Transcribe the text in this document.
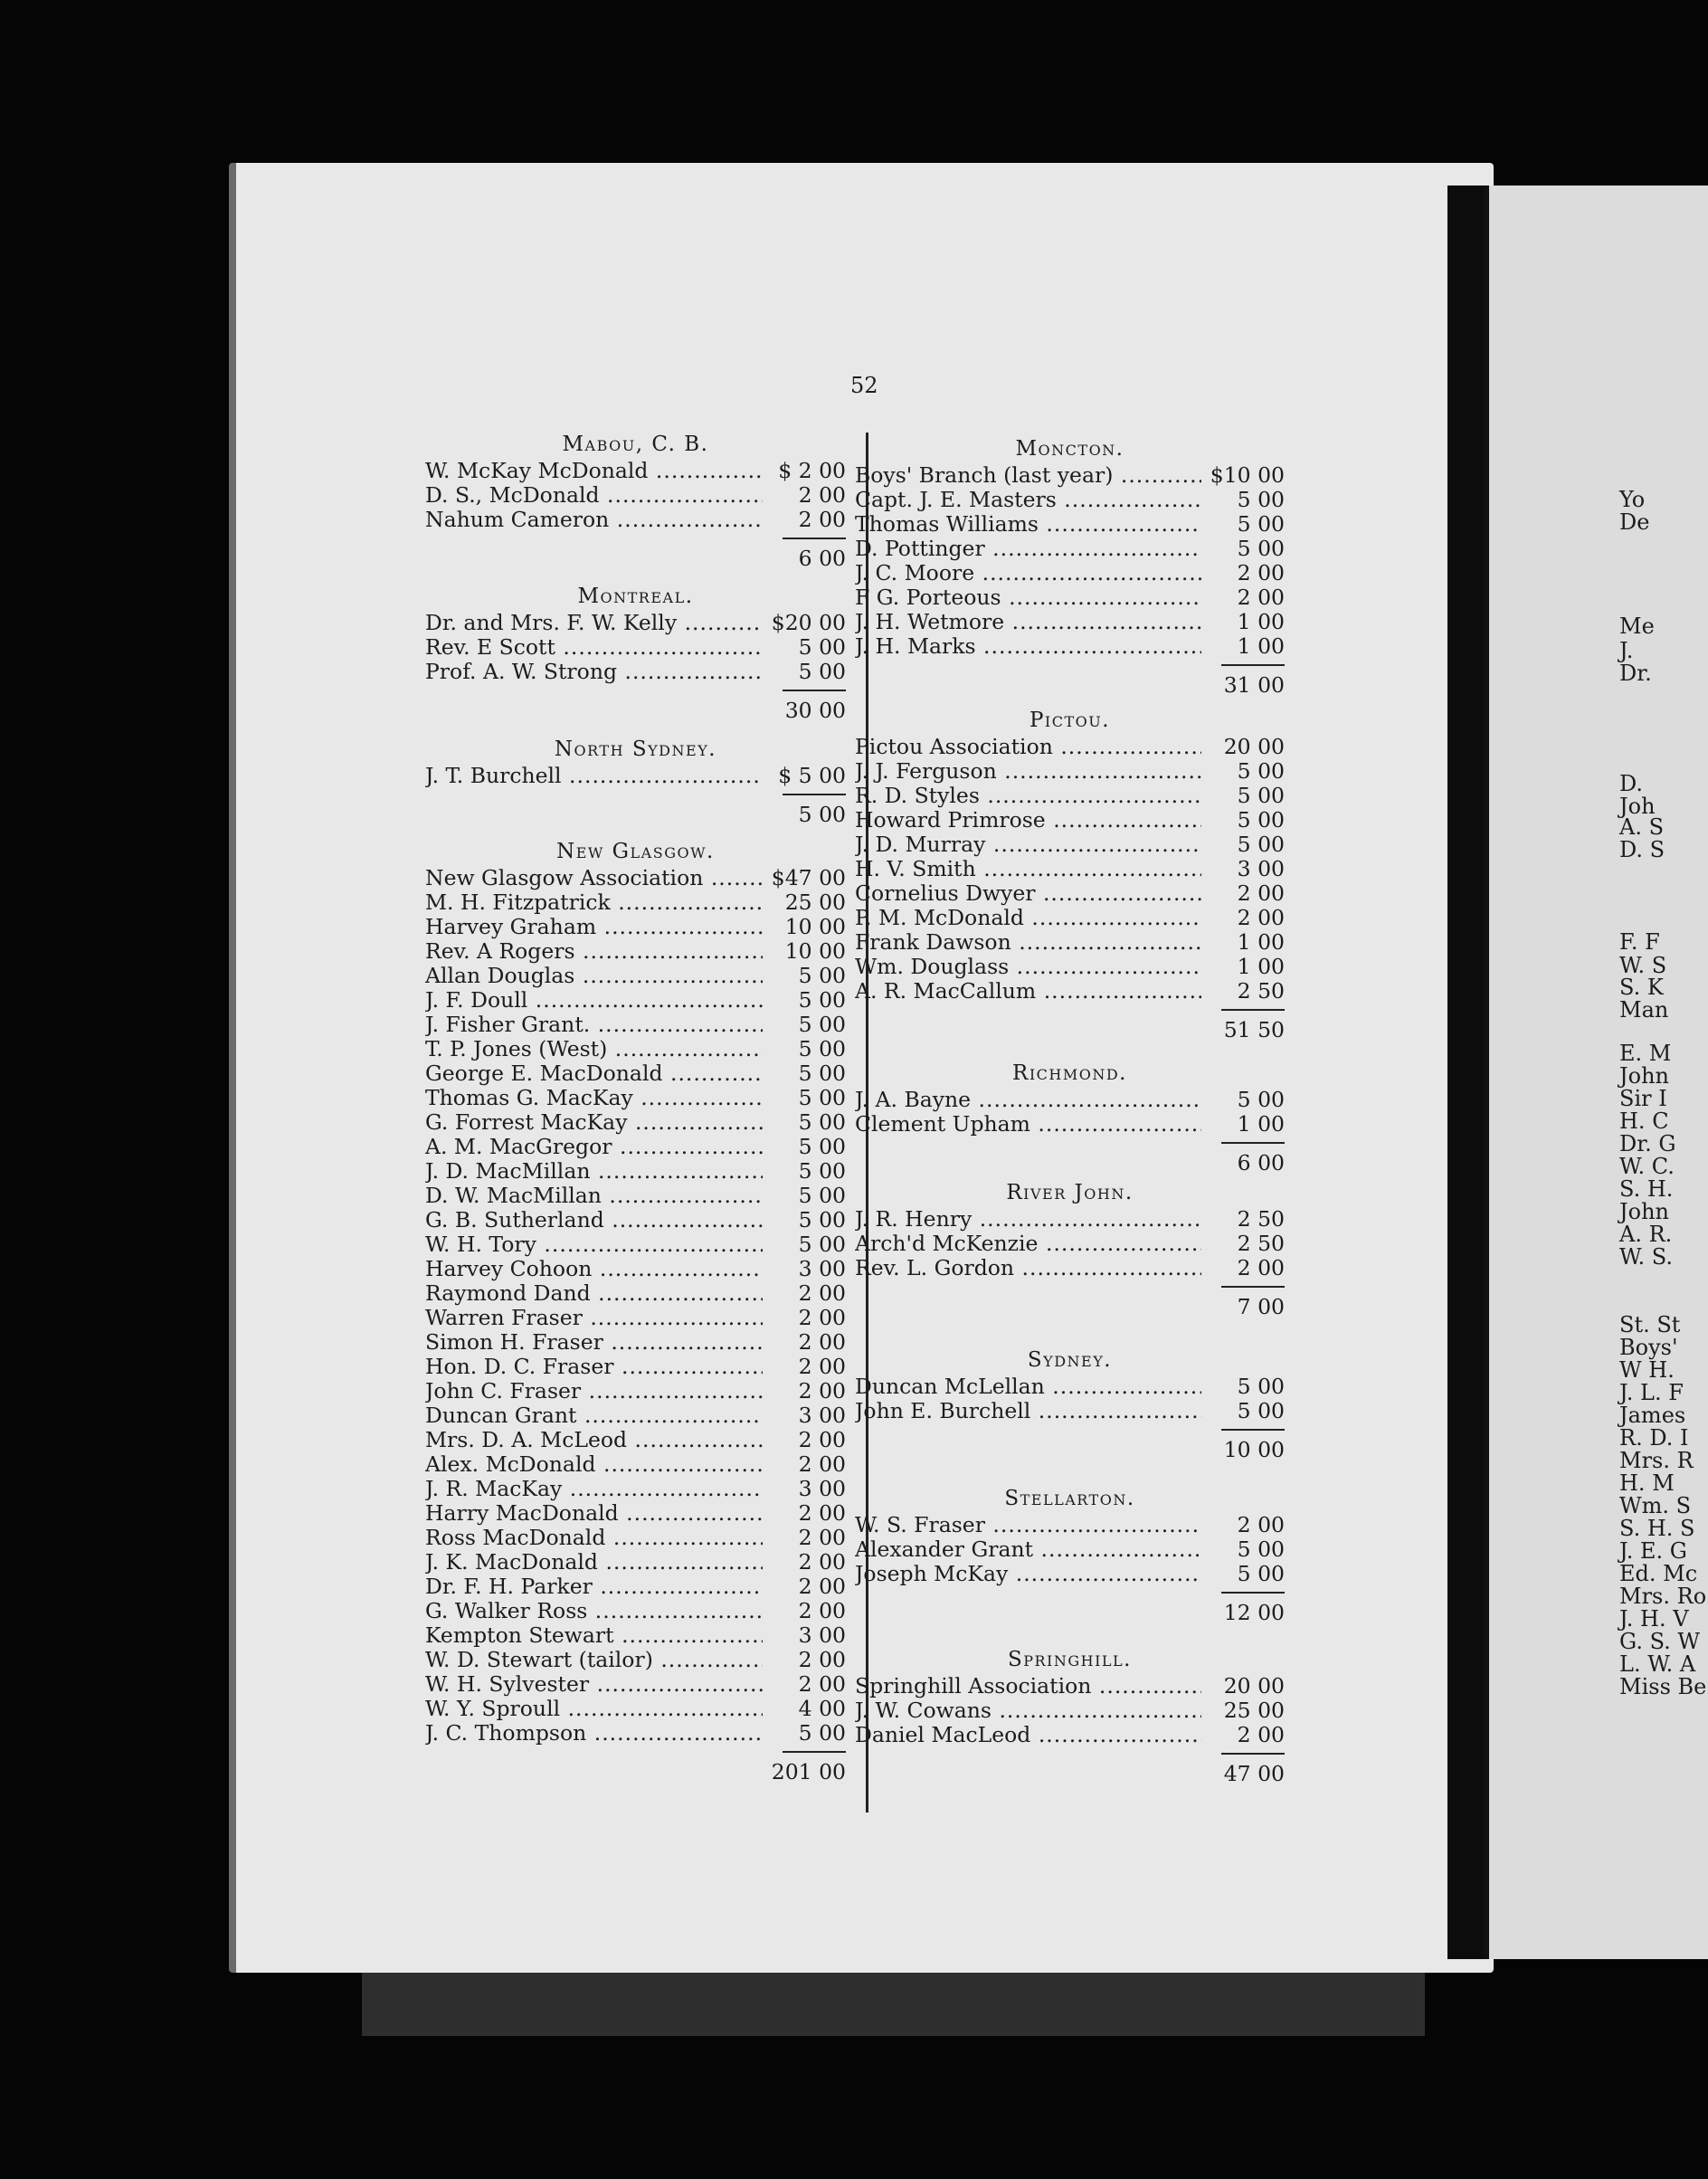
52
Mabou, C. B.
W. McKay McDonald .....	$ 2 00
D. S., McDonald .....	2 00
Nahum Cameron .....	2 00
6 00
Montreal.
Dr. and Mrs. F. W. Kelly .....	$20 00
Rev. E Scott .....	5 00
Prof. A. W. Strong .....	5 00
30 00
North Sydney.
J. T. Burchell .....	$ 5 00
5 00
New Glasgow.
New Glasgow Association .....	$47 00
M. H. Fitzpatrick .....	25 00
Harvey Graham .....	10 00
Rev. A Rogers .....	10 00
Allan Douglas .....	5 00
J. F. Doull .....	5 00
J. Fisher Grant. .....	5 00
T. P. Jones (West) .....	5 00
George E. MacDonald .....	5 00
Thomas G. MacKay .....	5 00
G. Forrest MacKay .....	5 00
A. M. MacGregor .....	5 00
J. D. MacMillan .....	5 00
D. W. MacMillan .....	5 00
G. B. Sutherland .....	5 00
W. H. Tory .....	5 00
Harvey Cohoon .....	3 00
Raymond Dand .....	2 00
Warren Fraser .....	2 00
Simon H. Fraser .....	2 00
Hon. D. C. Fraser .....	2 00
John C. Fraser .....	2 00
Duncan Grant .....	3 00
Mrs. D. A. McLeod .....	2 00
Alex. McDonald .....	2 00
J. R. MacKay .....	3 00
Harry MacDonald .....	2 00
Ross MacDonald .....	2 00
J. K. MacDonald .....	2 00
Dr. F. H. Parker .....	2 00
G. Walker Ross .....	2 00
Kempton Stewart .....	3 00
W. D. Stewart (tailor) .....	2 00
W. H. Sylvester .....	2 00
W. Y. Sproull .....	4 00
J. C. Thompson .....	5 00
201 00
Moncton.
Boys' Branch (last year) .....	$10 00
Capt. J. E. Masters .....	5 00
Thomas Williams .....	5 00
D. Pottinger .....	5 00
J. C. Moore .....	2 00
F G. Porteous .....	2 00
J. H. Wetmore .....	1 00
J. H. Marks .....	1 00
31 00
Pictou.
Pictou Association .....	20 00
J. J. Ferguson .....	5 00
R. D. Styles .....	5 00
Howard Primrose .....	5 00
J. D. Murray .....	5 00
H. V. Smith .....	3 00
Cornelius Dwyer .....	2 00
P. M. McDonald .....	2 00
Frank Dawson .....	1 00
Wm. Douglass .....	1 00
A. R. MacCallum .....	2 50
51 50
Richmond.
J. A. Bayne .....	5 00
Clement Upham .....	1 00
6 00
River John.
J. R. Henry .....	2 50
Arch'd McKenzie .....	2 50
Rev. L. Gordon .....	2 00
7 00
Sydney.
Duncan McLellan .....	5 00
John E. Burchell .....	5 00
10 00
Stellarton.
W. S. Fraser .....	2 00
Alexander Grant .....	5 00
Joseph McKay .....	5 00
12 00
Springhill.
Springhill Association .....	20 00
J. W. Cowans .....	25 00
Daniel MacLeod .....	2 00
47 00
Yo
De
Me
J.
Dr.
D.
Joh
A. S
D. S
F. F
W. S
S. K
Man
E. M
John
Sir I
H. C
Dr. G
W. C.
S. H.
John
A. R.
W. S.
St. St
Boys'
W H.
J. L. F
James
R. D. I
Mrs. R
H. M
Wm. S
S. H. S
J. E. G
Ed. Mc
Mrs. Ro
J. H. V
G. S. W
L. W. A
Miss Be
